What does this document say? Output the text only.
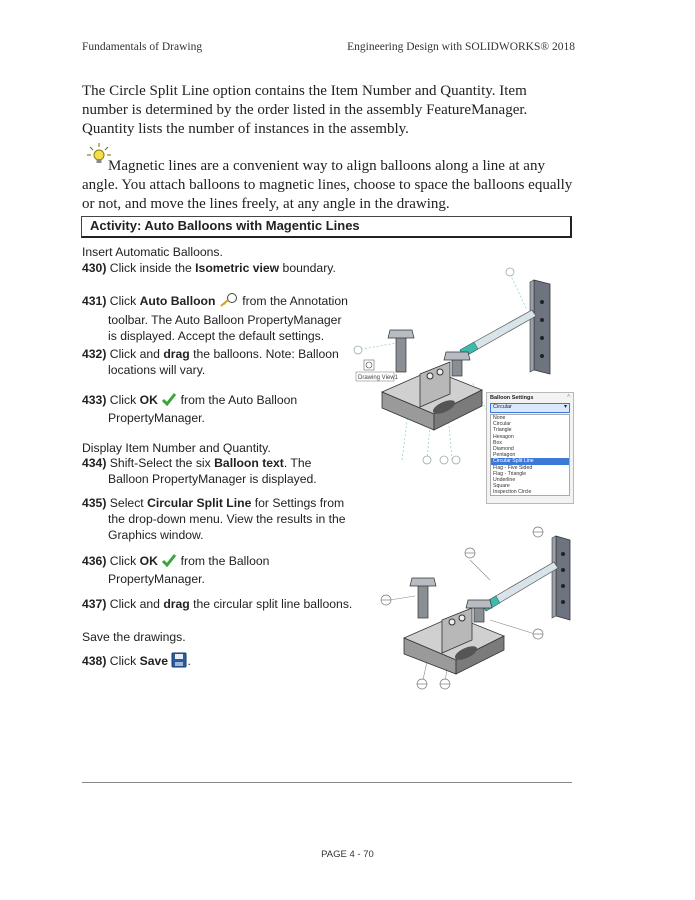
Fundamentals of Drawing	Engineering Design with SOLIDWORKS® 2018
The Circle Split Line option contains the Item Number and Quantity. Item number is determined by the order listed in the assembly FeatureManager. Quantity lists the number of instances in the assembly.
Magnetic lines are a convenient way to align balloons along a line at any angle. You attach balloons to magnetic lines, choose to space the balloons equally or not, and move the lines freely, at any angle in the drawing.
Activity: Auto Balloons with Magentic Lines
Insert Automatic Balloons.
430) Click inside the Isometric view boundary.
431) Click Auto Balloon  from the Annotation
toolbar. The Auto Balloon PropertyManager is displayed. Accept the default settings.
432) Click and drag the balloons. Note: Balloon
locations will vary.
433) Click OK  from the Auto Balloon
PropertyManager.
Display Item Number and Quantity.
434) Shift-Select the six Balloon text. The
Balloon PropertyManager is displayed.
435) Select Circular Split Line for Settings from
the drop-down menu. View the results in the Graphics window.
436) Click OK  from the Balloon
PropertyManager.
437) Click and drag the circular split line balloons.
Save the drawings.
438) Click Save .
Drawing View1
Balloon Settings	^
Circular	▾
None
Circular
Triangle
Hexagon
Box
Diamond
Pentagon
Circular Split Line
Flag - Five Sided
Flag - Triangle
Underline
Square
Inspection Circle
PAGE 4 - 70
